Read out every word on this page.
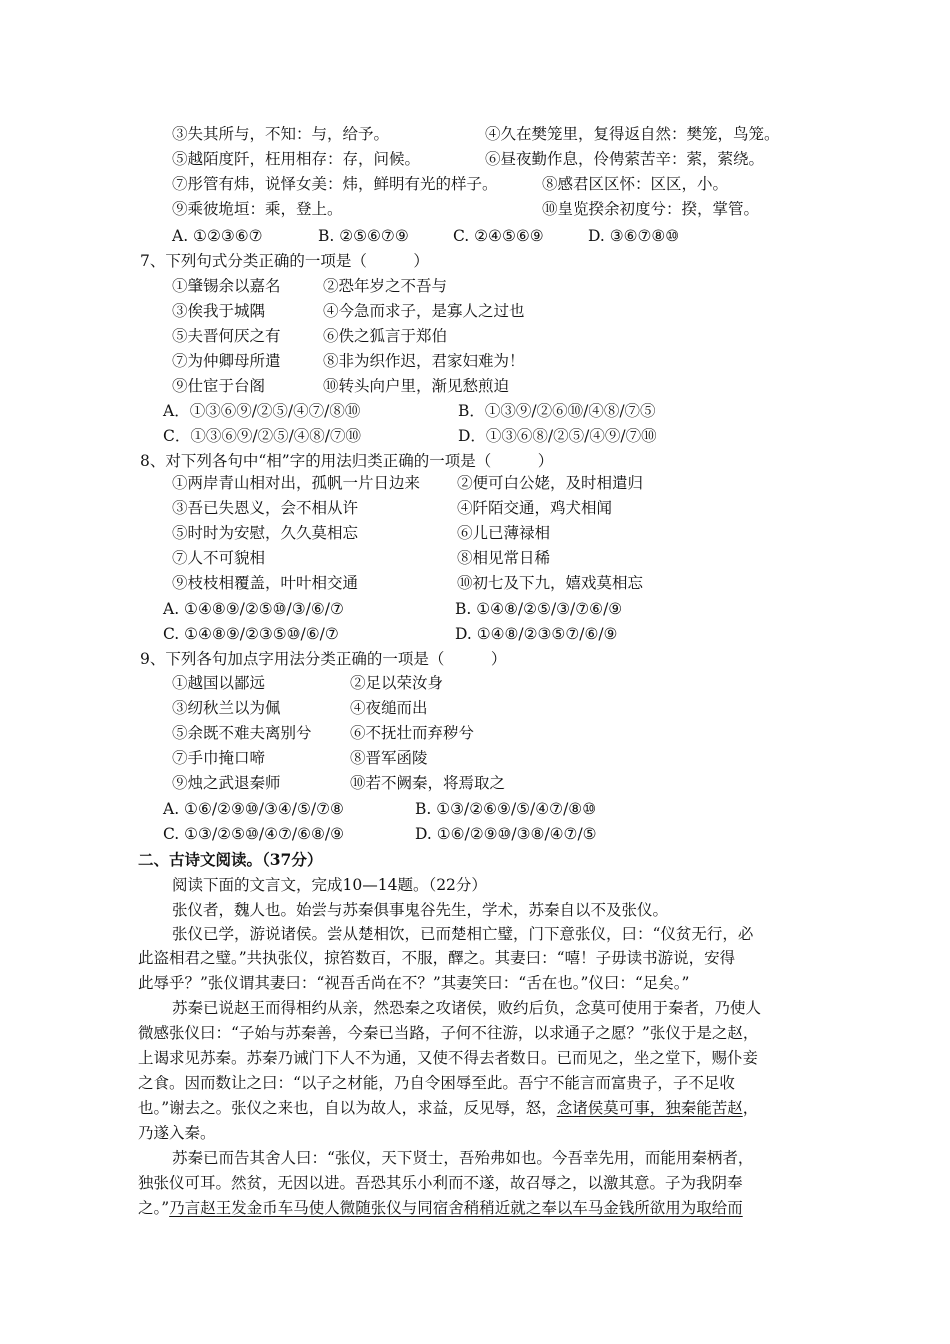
③失其所与，不知：与，给予。	④久在樊笼里，复得返自然：樊笼，鸟笼。
⑤越陌度阡，枉用相存：存，问候。	⑥昼夜勤作息，伶俜萦苦辛：萦，萦绕。
⑦彤管有炜，说怿女美：炜，鲜明有光的样子。	⑧感君区区怀：区区，小。
⑨乘彼垝垣：乘，登上。	⑩皇览揆余初度兮：揆，掌管。
A. ①②③⑥⑦	B. ②⑤⑥⑦⑨	C. ②④⑤⑥⑨	D. ③⑥⑦⑧⑩
7、下列句式分类正确的一项是（　　　）
①肇锡余以嘉名	②恐年岁之不吾与
③俟我于城隅	④今急而求子，是寡人之过也
⑤夫晋何厌之有	⑥佚之狐言于郑伯
⑦为仲卿母所遣	⑧非为织作迟，君家妇难为！
⑨仕宦于台阁	⑩转头向户里，渐见愁煎迫
A．①③⑥⑨/②⑤/④⑦/⑧⑩	B．①③⑨/②⑥⑩/④⑧/⑦⑤
C．①③⑥⑨/②⑤/④⑧/⑦⑩	D．①③⑥⑧/②⑤/④⑨/⑦⑩
8、对下列各句中“相”字的用法归类正确的一项是（　　　）
①两岸青山相对出，孤帆一片日边来 ②便可白公姥，及时相遣归
③吾已失恩义，会不相从许	④阡陌交通，鸡犬相闻
⑤时时为安慰，久久莫相忘	⑥儿已薄禄相
⑦人不可貌相	⑧相见常日稀
⑨枝枝相覆盖，叶叶相交通	⑩初七及下九，嬉戏莫相忘
A. ①④⑧⑨/②⑤⑩/③/⑥/⑦	B. ①④⑧/②⑤/③/⑦⑥/⑨
C. ①④⑧⑨/②③⑤⑩/⑥/⑦	D. ①④⑧/②③⑤⑦/⑥/⑨
9、下列各句加点字用法分类正确的一项是（　　　）
①越国以鄙远	②足以荣汝身
③纫秋兰以为佩	④夜缒而出
⑤余既不难夫离别兮 ⑥不抚壮而弃秽兮
⑦手巾掩口啼	⑧晋军函陵
⑨烛之武退秦师	⑩若不阙秦，将焉取之
A. ①⑥/②⑨⑩/③④/⑤/⑦⑧	B. ①③/②⑥⑨/⑤/④⑦/⑧⑩
C. ①③/②⑤⑩/④⑦/⑥⑧/⑨	D. ①⑥/②⑨⑩/③⑧/④⑦/⑤
二、古诗文阅读。（37分）
阅读下面的文言文，完成10—14题。（22分）
张仪者，魏人也。始尝与苏秦俱事鬼谷先生，学术，苏秦自以不及张仪。
张仪已学，游说诸侯。尝从楚相饮，已而楚相亡璧，门下意张仪，曰：“仪贫无行，必
此盗相君之璧。”共执张仪，掠笞数百，不服，醳之。其妻曰：“嘻！子毋读书游说，安得
此辱乎？”张仪谓其妻曰：“视吾舌尚在不？”其妻笑曰：“舌在也。”仪曰：“足矣。”
苏秦已说赵王而得相约从亲，然恐秦之攻诸侯，败约后负，念莫可使用于秦者，乃使人
微感张仪曰：“子始与苏秦善，今秦已当路，子何不往游，以求通子之愿？”张仪于是之赵，
上谒求见苏秦。苏秦乃诫门下人不为通，又使不得去者数日。已而见之，坐之堂下，赐仆妾
之食。因而数让之曰：“以子之材能，乃自令困辱至此。吾宁不能言而富贵子，子不足收
也。”谢去之。张仪之来也，自以为故人，求益，反见辱，怒，念诸侯莫可事，独秦能苦赵，
乃遂入秦。
苏秦已而告其舍人曰：“张仪，天下贤士，吾殆弗如也。今吾幸先用，而能用秦柄者，
独张仪可耳。然贫，无因以进。吾恐其乐小利而不遂，故召辱之，以激其意。子为我阴奉
之。”乃言赵王发金币车马使人微随张仪与同宿舍稍稍近就之奉以车马金钱所欲用为取给而
